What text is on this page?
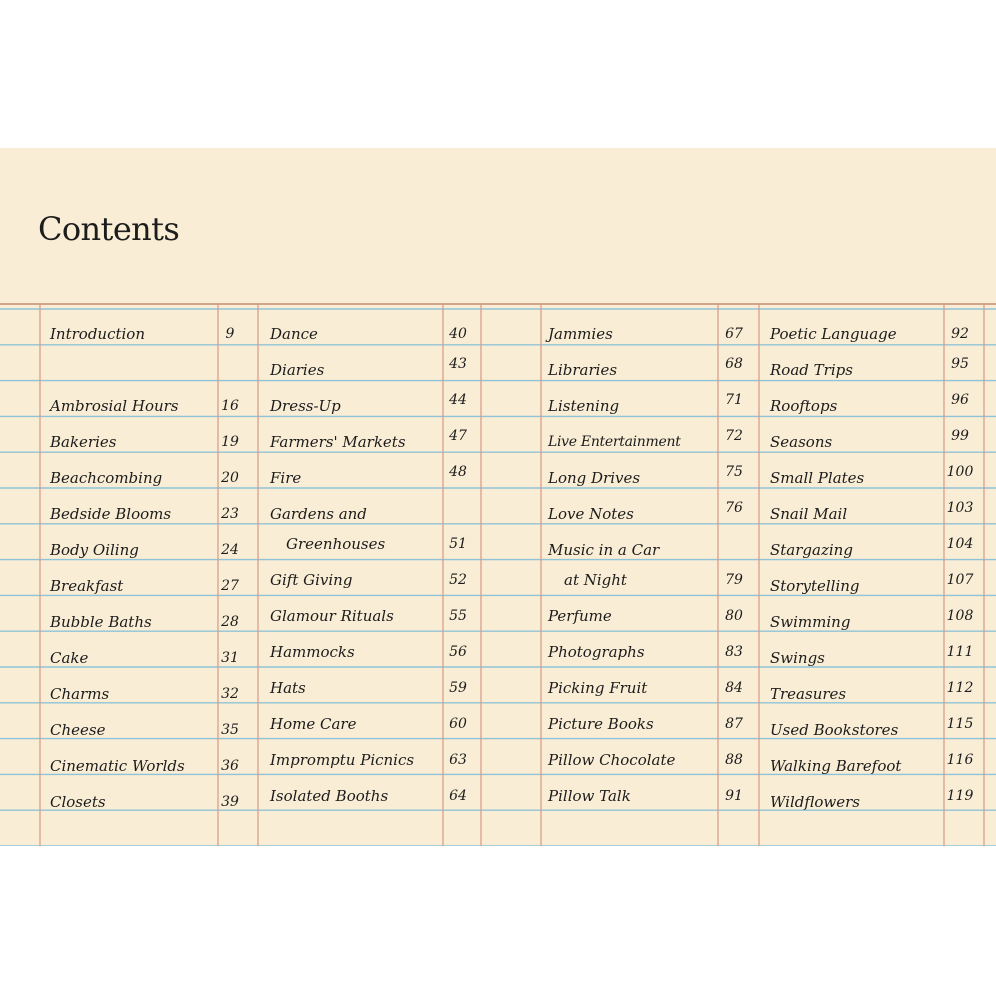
Contents
Introduction
Ambrosial Hours
Bakeries
Beachcombing
Bedside Blooms
Body Oiling
Breakfast
Bubble Baths
Cake
Charms
Cheese
Cinematic Worlds
Closets
9
16
19
20
23
24
27
28
31
32
35
36
39
Dance
Diaries
Dress-Up
Farmers' Markets
Fire
Gardens and
Greenhouses
Gift Giving
Glamour Rituals
Hammocks
Hats
Home Care
Impromptu Picnics
Isolated Booths
40
43
44
47
48
51
52
55
56
59
60
63
64
Jammies
Libraries
Listening
Live Entertainment
Long Drives
Love Notes
Music in a Car
at Night
Perfume
Photographs
Picking Fruit
Picture Books
Pillow Chocolate
Pillow Talk
67
68
71
72
75
76
79
80
83
84
87
88
91
Poetic Language
Road Trips
Rooftops
Seasons
Small Plates
Snail Mail
Stargazing
Storytelling
Swimming
Swings
Treasures
Used Bookstores
Walking Barefoot
Wildflowers
92
95
96
99
100
103
104
107
108
111
112
115
116
119
